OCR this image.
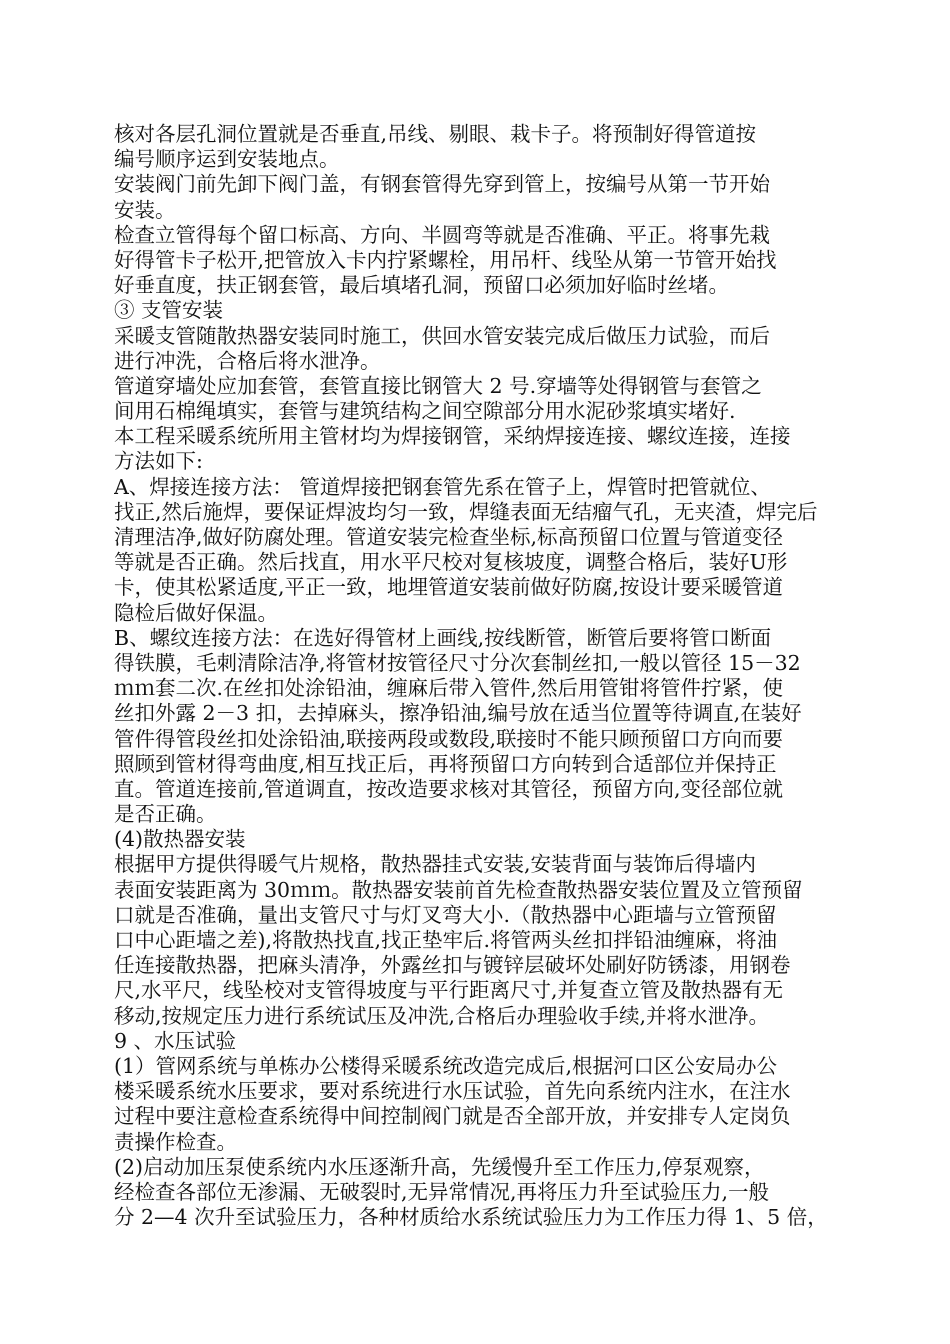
核对各层孔洞位置就是否垂直,吊线、剔眼、栽卡子。将预制好得管道按
编号顺序运到安装地点。
安装阀门前先卸下阀门盖，有钢套管得先穿到管上，按编号从第一节开始
安装。
检查立管得每个留口标高、方向、半圆弯等就是否准确、平正。将事先栽
好得管卡子松开,把管放入卡内拧紧螺栓，用吊杆、线坠从第一节管开始找
好垂直度，扶正钢套管，最后填堵孔洞，预留口必须加好临时丝堵。
③ 支管安装
采暖支管随散热器安装同时施工，供回水管安装完成后做压力试验，而后
进行冲洗，合格后将水泄净。
管道穿墙处应加套管，套管直接比钢管大 2 号.穿墙等处得钢管与套管之
间用石棉绳填实，套管与建筑结构之间空隙部分用水泥砂浆填实堵好.
本工程采暖系统所用主管材均为焊接钢管，采纳焊接连接、螺纹连接，连接
方法如下:
A、焊接连接方法： 管道焊接把钢套管先系在管子上，焊管时把管就位、
找正,然后施焊，要保证焊波均匀一致，焊缝表面无结瘤气孔，无夹渣，焊完后
清理洁净,做好防腐处理。管道安装完检查坐标,标高预留口位置与管道变径
等就是否正确。然后找直，用水平尺校对复核坡度，调整合格后，装好U形
卡，使其松紧适度,平正一致，地埋管道安装前做好防腐,按设计要采暖管道
隐检后做好保温。
B、螺纹连接方法：在选好得管材上画线,按线断管，断管后要将管口断面
得铁膜，毛刺清除洁净,将管材按管径尺寸分次套制丝扣,一般以管径 15－32
ｍｍ套二次.在丝扣处涂铅油，缠麻后带入管件,然后用管钳将管件拧紧，使
丝扣外露 2－3 扣，去掉麻头，擦净铅油,编号放在适当位置等待调直,在装好
管件得管段丝扣处涂铅油,联接两段或数段,联接时不能只顾预留口方向而要
照顾到管材得弯曲度,相互找正后，再将预留口方向转到合适部位并保持正
直。管道连接前,管道调直，按改造要求核对其管径，预留方向,变径部位就
是否正确。
(4)散热器安装
根据甲方提供得暖气片规格，散热器挂式安装,安装背面与装饰后得墙内
表面安装距离为 30ｍｍ。散热器安装前首先检查散热器安装位置及立管预留
口就是否准确，量出支管尺寸与灯叉弯大小.（散热器中心距墙与立管预留
口中心距墙之差),将散热找直,找正垫牢后.将管两头丝扣拌铅油缠麻，将油
任连接散热器，把麻头清净，外露丝扣与镀锌层破坏处刷好防锈漆，用钢卷
尺,水平尺，线坠校对支管得坡度与平行距离尺寸,并复查立管及散热器有无
移动,按规定压力进行系统试压及冲洗,合格后办理验收手续,并将水泄净。
9 、水压试验
(1）管网系统与单栋办公楼得采暖系统改造完成后,根据河口区公安局办公
楼采暖系统水压要求，要对系统进行水压试验，首先向系统内注水，在注水
过程中要注意检查系统得中间控制阀门就是否全部开放，并安排专人定岗负
责操作检查。
(2)启动加压泵使系统内水压逐渐升高，先缓慢升至工作压力,停泵观察，
经检查各部位无渗漏、无破裂时,无异常情况,再将压力升至试验压力,一般
分 2—4 次升至试验压力，各种材质给水系统试验压力为工作压力得 1、5 倍，
